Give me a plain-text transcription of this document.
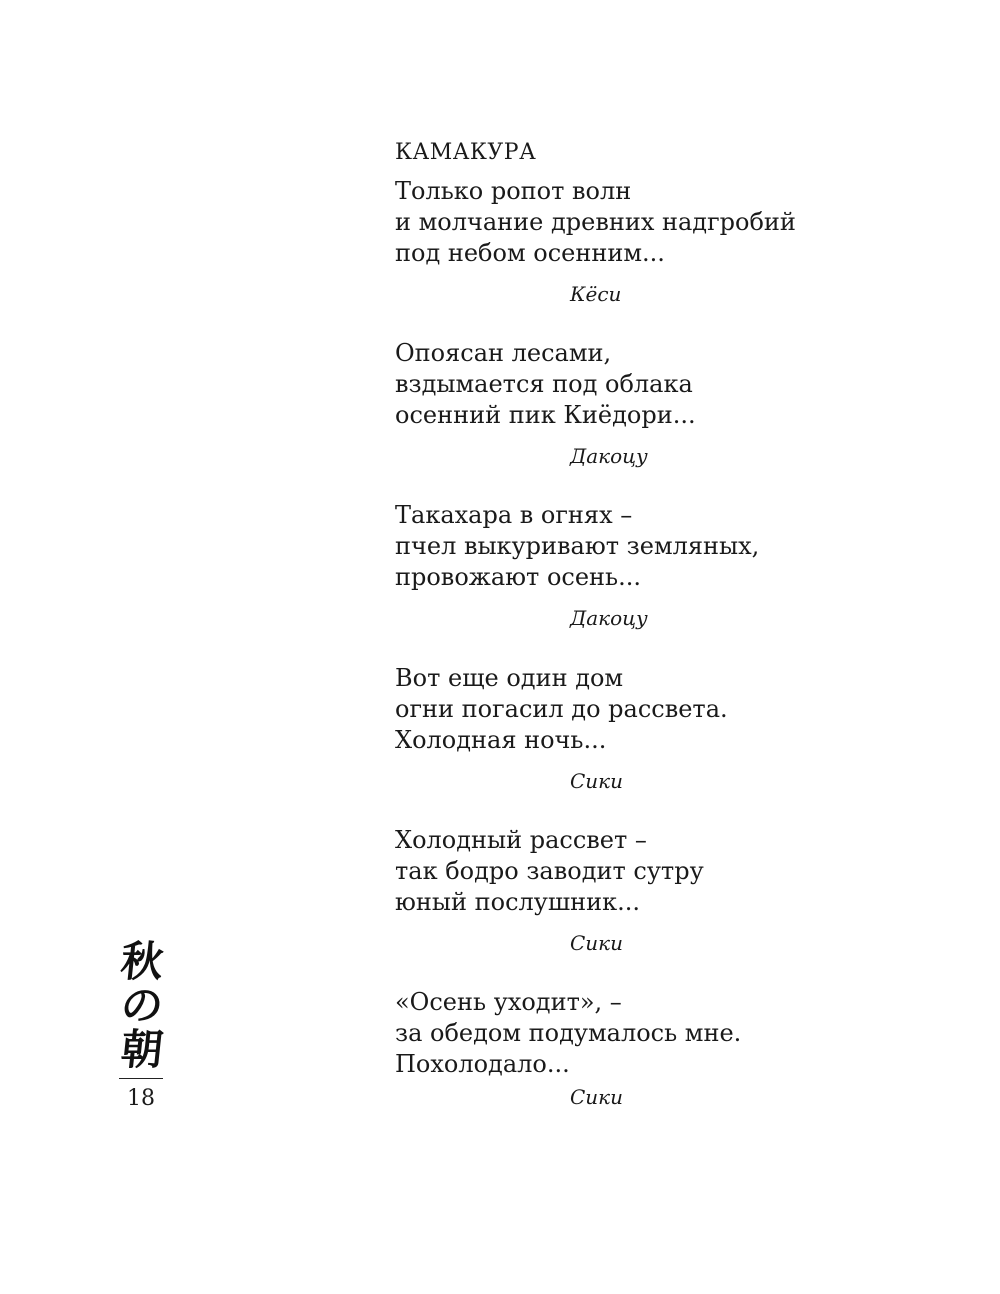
КАМАКУРА
Только ропот волн
и молчание древних надгробий
под небом осенним...
Кёси
Опоясан лесами,
вздымается под облака
осенний пик Киёдори...
Дакоцу
Такахара в огнях –
пчел выкуривают земляных,
провожают осень...
Дакоцу
Вот еще один дом
огни погасил до рассвета.
Холодная ночь...
Сики
Холодный рассвет –
так бодро заводит сутру
юный послушник...
Сики
«Осень уходит», –
за обедом подумалось мне.
Похолодало...
Сики
秋
の
朝
18
